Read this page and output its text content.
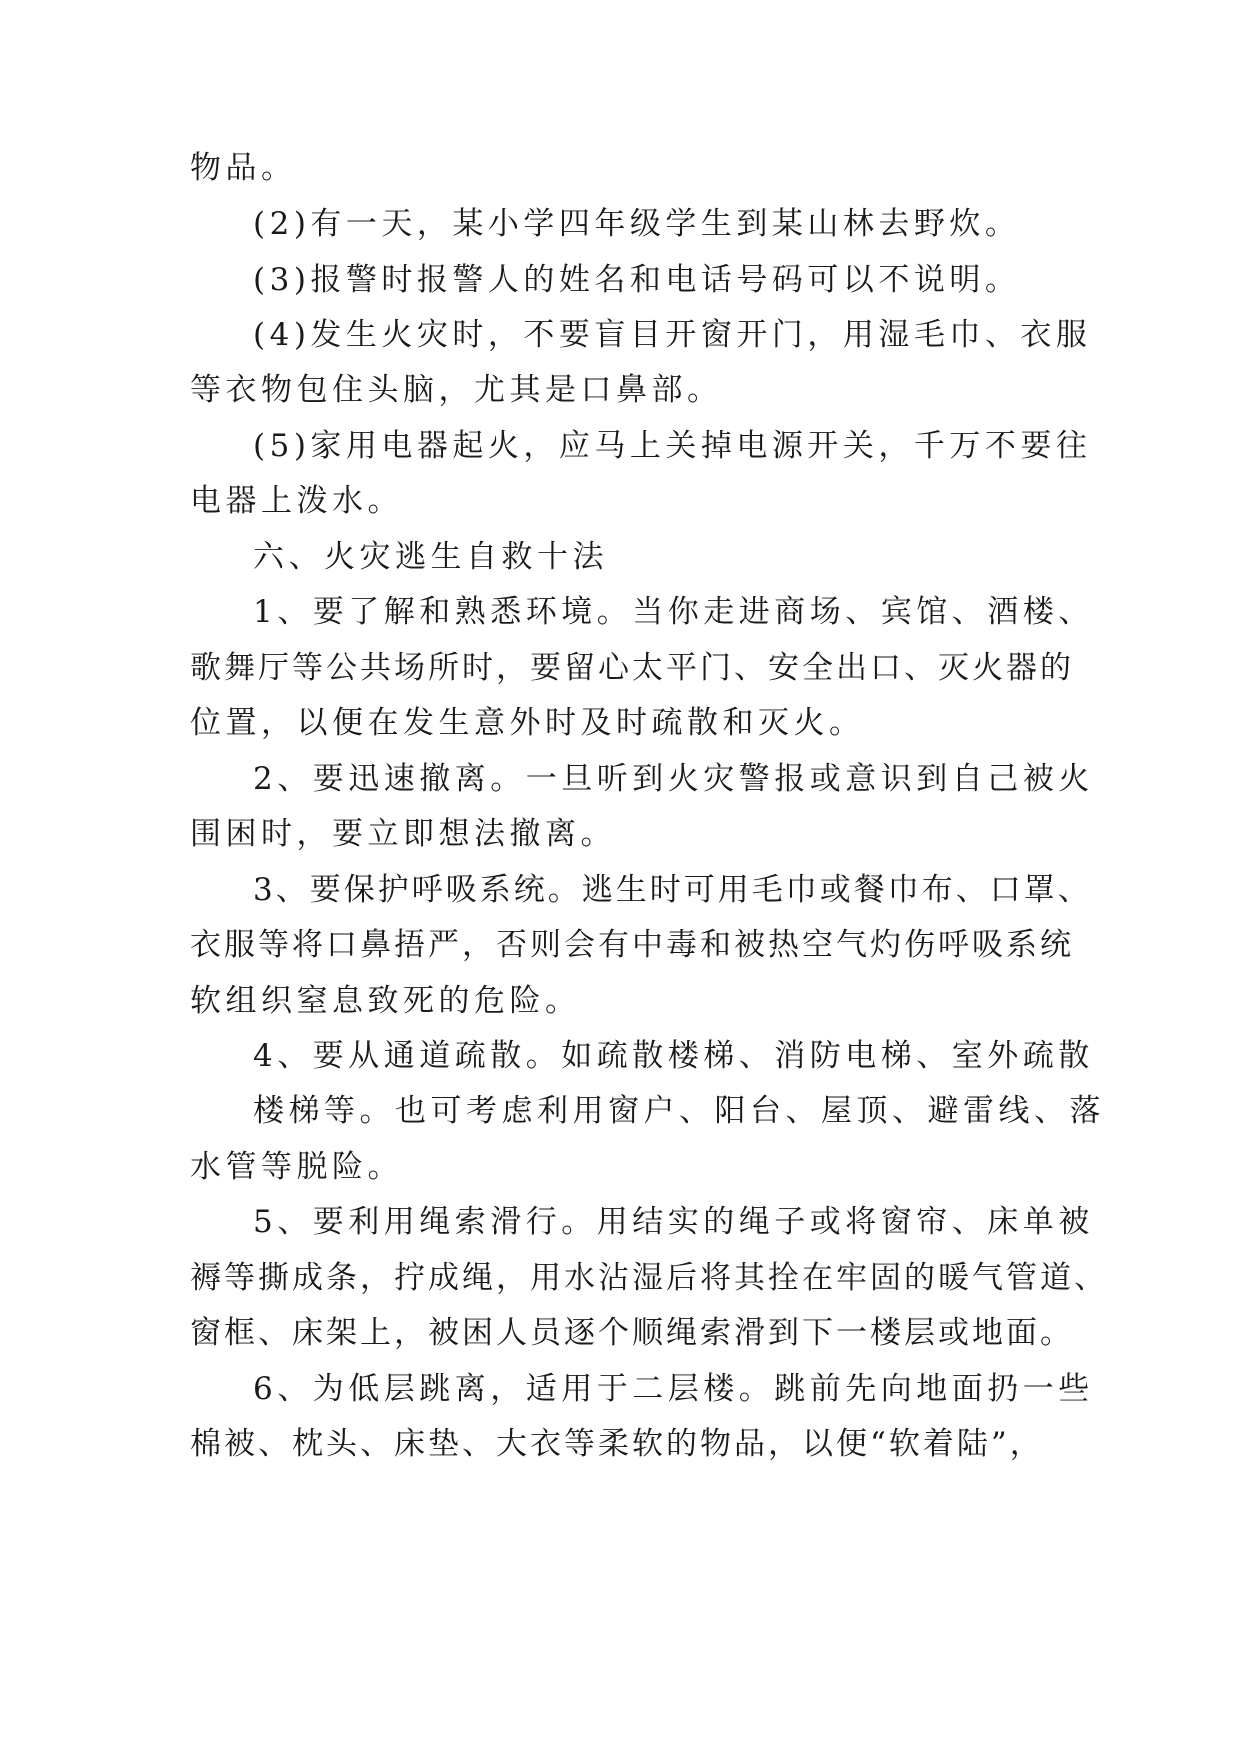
物品。
(2)有一天，某小学四年级学生到某山林去野炊。
(3)报警时报警人的姓名和电话号码可以不说明。
(4)发生火灾时，不要盲目开窗开门，用湿毛巾、衣服
等衣物包住头脑，尤其是口鼻部。
(5)家用电器起火，应马上关掉电源开关，千万不要往
电器上泼水。
六、火灾逃生自救十法
1、要了解和熟悉环境。当你走进商场、宾馆、酒楼、
歌舞厅等公共场所时，要留心太平门、安全出口、灭火器的
位置，以便在发生意外时及时疏散和灭火。
2、要迅速撤离。一旦听到火灾警报或意识到自己被火
围困时，要立即想法撤离。
3、要保护呼吸系统。逃生时可用毛巾或餐巾布、口罩、
衣服等将口鼻捂严，否则会有中毒和被热空气灼伤呼吸系统
软组织窒息致死的危险。
4、要从通道疏散。如疏散楼梯、消防电梯、室外疏散
楼梯等。也可考虑利用窗户、阳台、屋顶、避雷线、落
水管等脱险。
5、要利用绳索滑行。用结实的绳子或将窗帘、床单被
褥等撕成条，拧成绳，用水沾湿后将其拴在牢固的暖气管道、
窗框、床架上，被困人员逐个顺绳索滑到下一楼层或地面。
6、为低层跳离，适用于二层楼。跳前先向地面扔一些
棉被、枕头、床垫、大衣等柔软的物品，以便“软着陆”，
